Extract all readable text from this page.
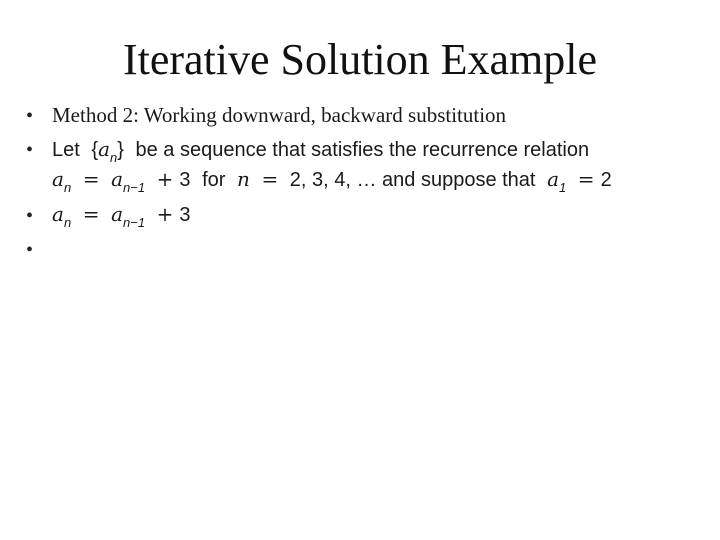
Iterative Solution Example
• Method 2: Working downward, backward substitution
• Let $\{a_n\}$ be a sequence that satisfies the recurrence relation
$a_n = a_{n-1} + 3$ for n = 2, 3, 4, … and suppose that $a_1 = 2$
• $a_n = a_{n-1} + 3$
•
